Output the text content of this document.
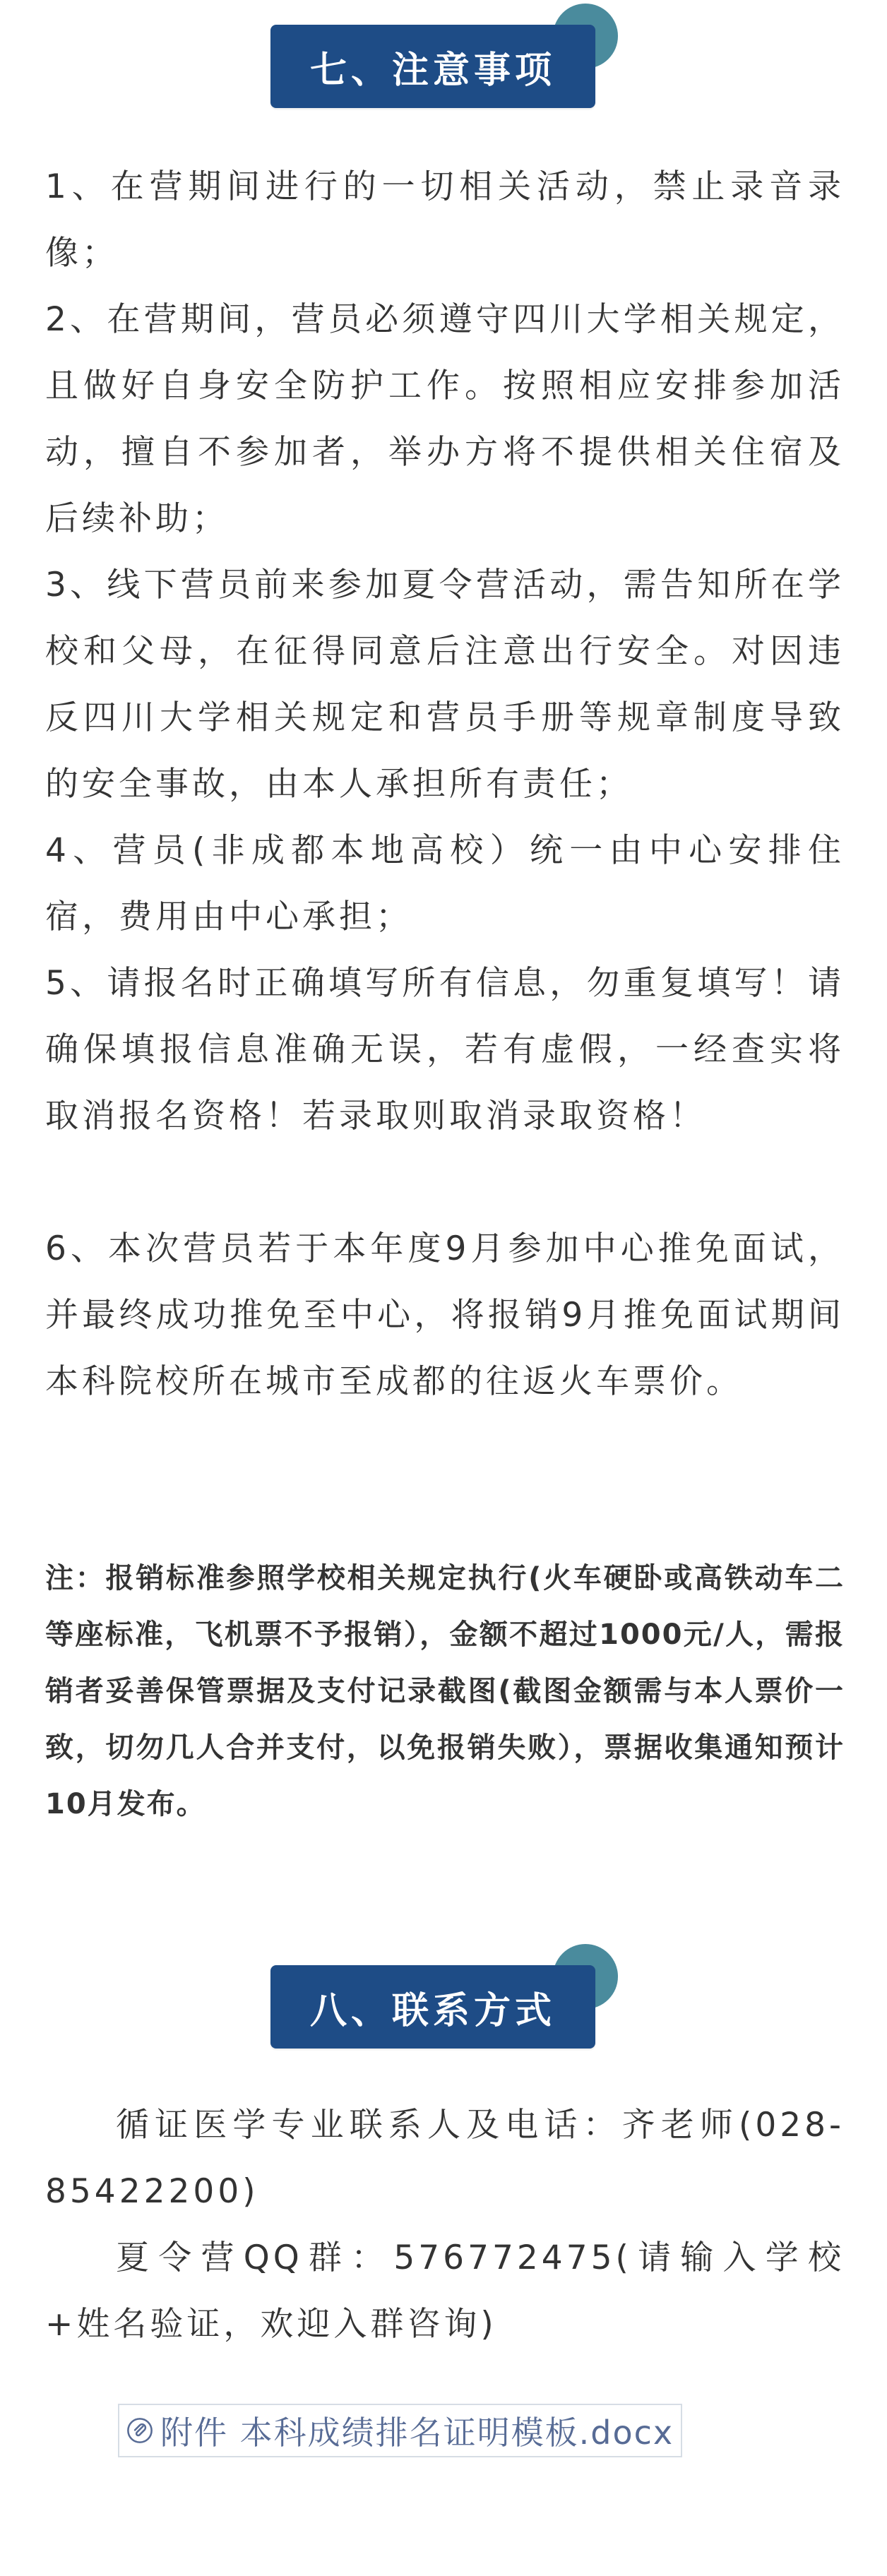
七、注意事项

1、在营期间进行的一切相关活动，禁止录音录像；

2、在营期间，营员必须遵守四川大学相关规定，且做好自身安全防护工作。按照相应安排参加活动，擅自不参加者，举办方将不提供相关住宿及后续补助；

3、线下营员前来参加夏令营活动，需告知所在学校和父母，在征得同意后注意出行安全。对因违反四川大学相关规定和营员手册等规章制度导致的安全事故，由本人承担所有责任；

4、营员(非成都本地高校）统一由中心安排住宿，费用由中心承担；

5、请报名时正确填写所有信息，勿重复填写！请确保填报信息准确无误，若有虚假，一经查实将取消报名资格！若录取则取消录取资格！

6、本次营员若于本年度9月参加中心推免面试，并最终成功推免至中心，将报销9月推免面试期间本科院校所在城市至成都的往返火车票价。

注：报销标准参照学校相关规定执行(火车硬卧或高铁动车二等座标准，飞机票不予报销），金额不超过1000元/人，需报销者妥善保管票据及支付记录截图(截图金额需与本人票价一致，切勿几人合并支付，以免报销失败），票据收集通知预计10月发布。

八、联系方式

循证医学专业联系人及电话：齐老师(028-85422200)

夏令营QQ群：576772475(请输入学校+姓名验证，欢迎入群咨询)

附件 本科成绩排名证明模板.docx
